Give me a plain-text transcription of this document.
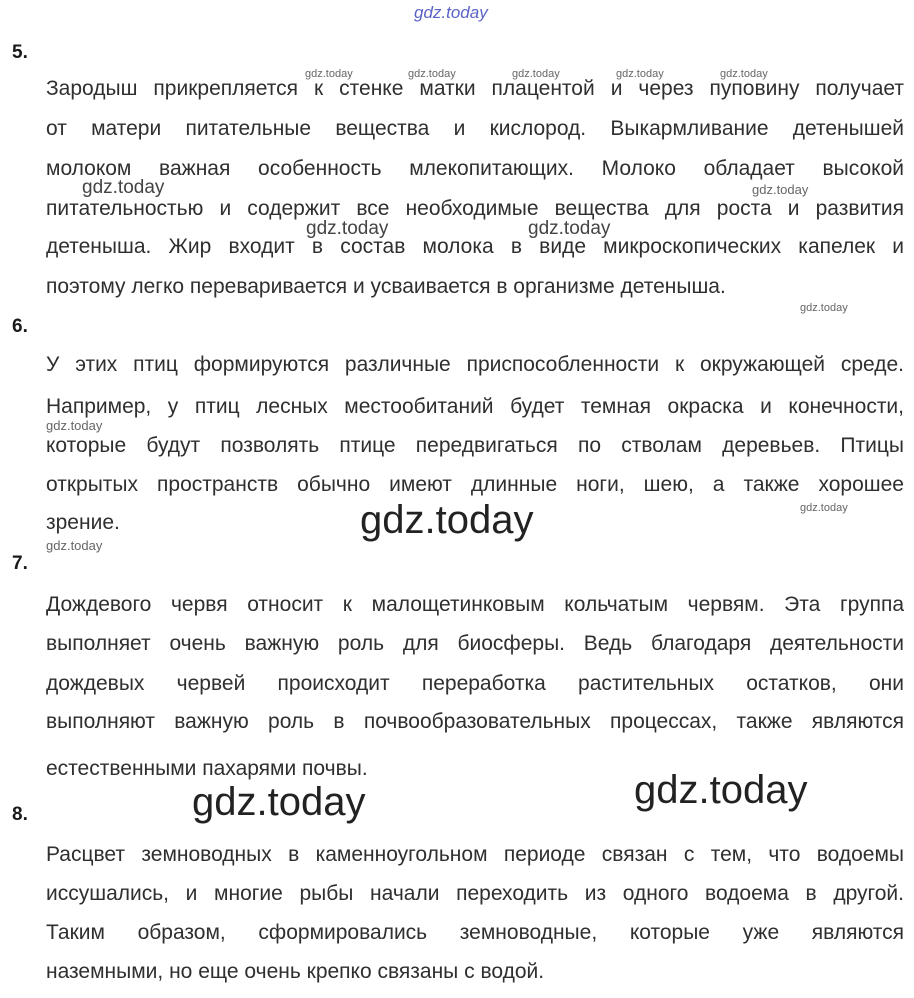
gdz.today
5.
Зародыш прикрепляется к стенке матки плацентой и через пуповину получает
от матери питательные вещества и кислород. Выкармливание детенышей
молоком важная особенность млекопитающих. Молоко обладает высокой
питательностью и содержит все необходимые вещества для роста и развития
детеныша. Жир входит в состав молока в виде микроскопических капелек и
поэтому легко переваривается и усваивается в организме детеныша.
6.
У этих птиц формируются различные приспособленности к окружающей среде.
Например, у птиц лесных местообитаний будет темная окраска и конечности,
которые будут позволять птице передвигаться по стволам деревьев. Птицы
открытых пространств обычно имеют длинные ноги, шею, а также хорошее
зрение.
7.
Дождевого червя относит к малощетинковым кольчатым червям. Эта группа
выполняет очень важную роль для биосферы. Ведь благодаря деятельности
дождевых червей происходит переработка растительных остатков, они
выполняют важную роль в почвообразовательных процессах, также являются
естественными пахарями почвы.
8.
Расцвет земноводных в каменноугольном периоде связан с тем, что водоемы
иссушались, и многие рыбы начали переходить из одного водоема в другой.
Таким образом, сформировались земноводные, которые уже являются
наземными, но еще очень крепко связаны с водой.
gdz.today	gdz.today	gdz.today	gdz.today	gdz.today
gdz.today	gdz.today
gdz.today	gdz.today
gdz.today
gdz.today
gdz.today
gdz.today
gdz.today
gdz.today	gdz.today
